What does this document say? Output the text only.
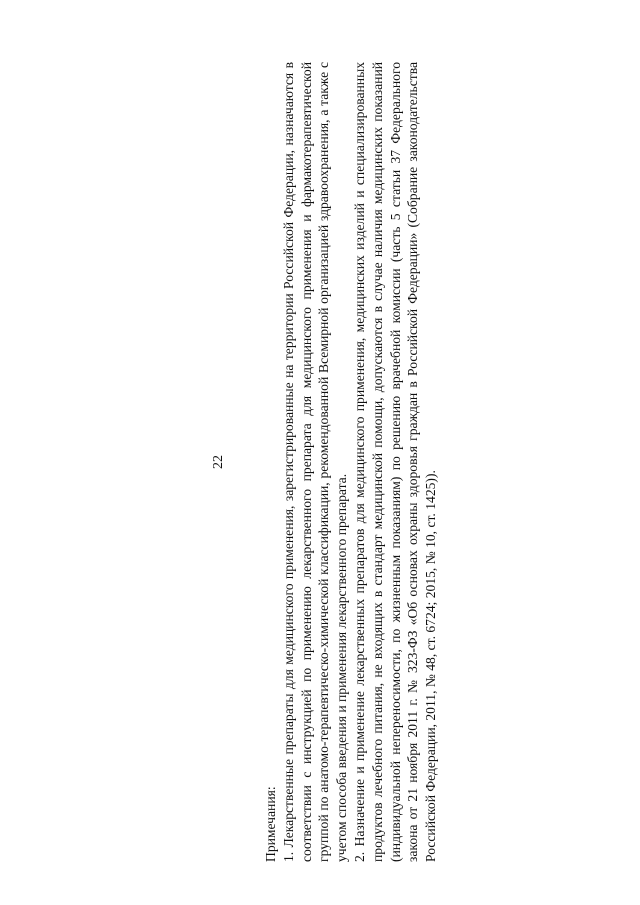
22

Примечания: 1. Лекарственные препараты для медицинского применения, зарегистрированные на территории Российской Федерации, назначаются в соответствии с инструкцией по применению лекарственного препарата для медицинского применения и фармакотерапевтической группой по анатомо-терапевтическо-химической классификации, рекомендованной Всемирной организацией здравоохранения, а также с учетом способа введения и применения лекарственного препарата. 2. Назначение и применение лекарственных препаратов для медицинского применения, медицинских изделий и специализированных продуктов лечебного питания, не входящих в стандарт медицинской помощи, допускаются в случае наличия медицинских показаний (индивидуальной непереносимости, по жизненным показаниям) по решению врачебной комиссии (часть 5 статьи 37 Федерального закона от 21 ноября 2011 г. № 323-ФЗ «Об основах охраны здоровья граждан в Российской Федерации» (Собрание законодательства Российской Федерации, 2011, № 48, ст. 6724; 2015, № 10, ст. 1425)).
